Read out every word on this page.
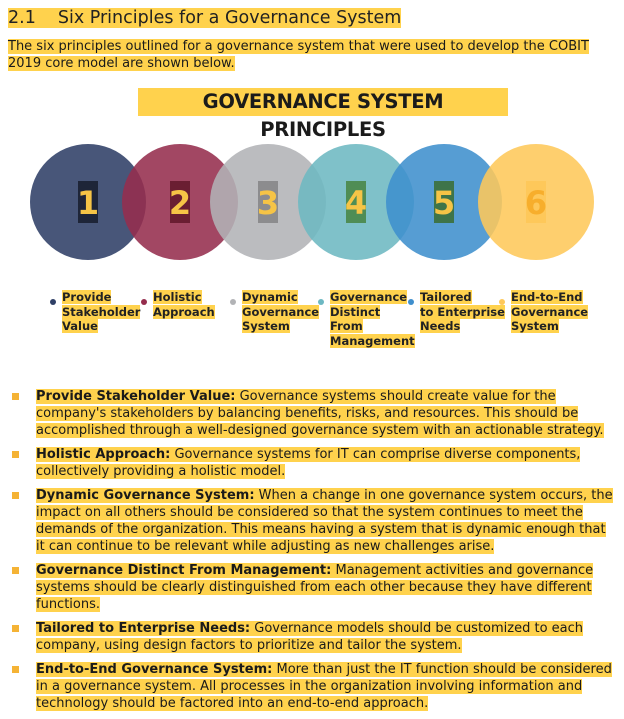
2.1 Six Principles for a Governance System

The six principles outlined for a governance system that were used to develop the COBIT 2019 core model are shown below.

GOVERNANCE SYSTEM PRINCIPLES
1 2 3 4 5 6
Provide
Stakeholder
Value
Holistic
Approach
Dynamic
Governance
System
Governance
Distinct
From
Management
Tailored
to Enterprise
Needs
End-to-End
Governance
System
Provide Stakeholder Value: Governance systems should create value for the company's stakeholders by balancing benefits, risks, and resources. This should be accomplished through a well-designed governance system with an actionable strategy.
Holistic Approach: Governance systems for IT can comprise diverse components, collectively providing a holistic model.
Dynamic Governance System: When a change in one governance system occurs, the impact on all others should be considered so that the system continues to meet the demands of the organization. This means having a system that is dynamic enough that it can continue to be relevant while adjusting as new challenges arise.
Governance Distinct From Management: Management activities and governance systems should be clearly distinguished from each other because they have different functions.
Tailored to Enterprise Needs: Governance models should be customized to each company, using design factors to prioritize and tailor the system.
End-to-End Governance System: More than just the IT function should be considered in a governance system. All processes in the organization involving information and technology should be factored into an end-to-end approach.
